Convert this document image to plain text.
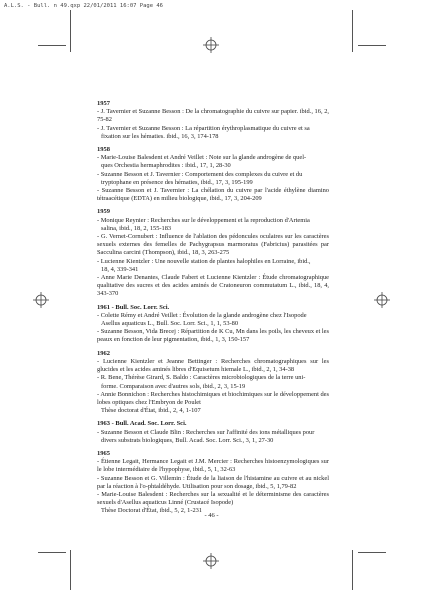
A.L.S. - Bull. n 49.qxp 22/01/2011 16:07 Page 46
1957
- J. Tavernier et Suzanne Besson : De la chromatographie du cuivre sur papier. ibid., 16, 2, 75-82
- J. Tavernier et Suzanne Besson : La répartition érythroplasmatique du cuivre et sa
fixation sur les hématies. ibid., 16, 3, 174-178
1958
- Marie-Louise Balesdent et André Veillet : Note sur la glande androgène de quel-
ques Orchestia hermaphrodites : ibid., 17, 1, 28-30
- Suzanne Besson et J. Tavernier : Comportement des complexes du cuivre et du
tryptophane en présence des hématies, ibid., 17, 3, 195-199
- Suzanne Besson et J. Tavernier : La chélation du cuivre par l'acide éthylène diamino tétraacétique (EDTA) en milieu biologique, ibid., 17, 3, 204-209
1959
- Monique Reynier : Recherches sur le développement et la reproduction d'Artemia
salina, ibid., 18, 2, 155-183
- G. Vernet-Cornubert : Influence de l'ablation des pédoncules oculaires sur les caractères sexuels externes des femelles de Pachygrapsus marmoratus (Fabricius) parasitées par Sacculina carcini (Thompson), ibid., 18, 3, 263-275
- Lucienne Kientzler : Une nouvelle station de plantes halophiles en Lorraine, ibid.,
18, 4, 339-341
- Anne Marie Denantes, Claude Fabert et Lucienne Kientzler : Étude chromatographique qualitative des sucres et des acides aminés de Cratoneuron commutatum L., ibid., 18, 4, 343-370
1961 - Bull. Soc. Lorr. Sci.
- Colette Rémy et André Veillet : Évolution de la glande androgène chez l'Isopode
Asellus aquaticus L., Bull. Soc. Lorr. Sci., 1, 1, 53-80
- Suzanne Besson, Vida Brecej : Répartition de K Cu, Mn dans les poils, les cheveux et les peaux en fonction de leur pigmentation, ibid., 1, 3, 150-157
1962
- Lucienne Kientzler et Jeanne Bettinger : Recherches chromatographiques sur les glucides et les acides aminés libres d'Equisetum hiemale L., ibid., 2, 1, 34-38
- R. Bene, Thérèse Girard, S. Baldo : Caractères microbiologiques de la terre uni-
forme. Comparaison avec d'autres sols, ibid., 2, 3, 15-19
- Annie Bonnichon : Recherches histochimiques et biochimiques sur le développement des lobes optiques chez l'Embryon de Poulet
Thèse doctorat d'État, ibid., 2, 4, 1-107
1963 - Bull. Acad. Soc. Lorr. Sci.
- Suzanne Besson et Claude Blin : Recherches sur l'affinité des ions métalliques pour
divers substrats biologiques, Bull. Acad. Soc. Lorr. Sci., 3, 1, 27-30
1965
- Étienne Legait, Hermance Legait et J.M. Mercier : Recherches histoenzymologiques sur le lobe intermédiaire de l'hypophyse, ibid., 5, 1, 32-63
- Suzanne Besson et G. Villemin : Étude de la liaison de l'histamine au cuivre et au nickel par la réaction à l'o-phtaldéhyde. Utilisation pour son dosage, ibid., 5, 1,79-82
- Marie-Louise Balesdent : Recherches sur la sexualité et le déterminisme des caractères sexuels d'Asellus aquaticus Linné (Crustacé Isopode)
Thèse Doctorat d'État, ibid., 5, 2, 1-231
- 46 -
